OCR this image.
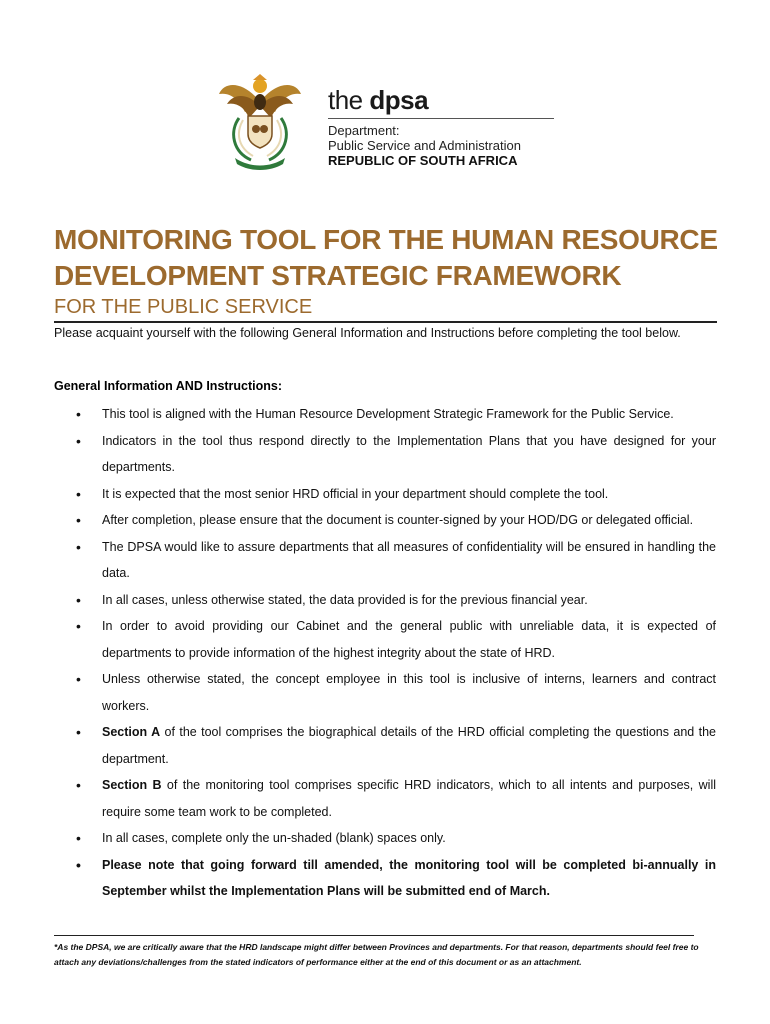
the dpsa
Department:
Public Service and Administration
REPUBLIC OF SOUTH AFRICA
MONITORING TOOL FOR THE HUMAN RESOURCE
DEVELOPMENT STRATEGIC FRAMEWORK
FOR THE PUBLIC SERVICE
Please acquaint yourself with the following General Information and Instructions before completing the tool below.
General Information AND Instructions:
• This tool is aligned with the Human Resource Development Strategic Framework for the Public Service.
• Indicators in the tool thus respond directly to the Implementation Plans that you have designed for your departments.
• It is expected that the most senior HRD official in your department should complete the tool.
• After completion, please ensure that the document is counter-signed by your HOD/DG or delegated official.
• The DPSA would like to assure departments that all measures of confidentiality will be ensured in handling the data.
• In all cases, unless otherwise stated, the data provided is for the previous financial year.
• In order to avoid providing our Cabinet and the general public with unreliable data, it is expected of departments to provide information of the highest integrity about the state of HRD.
• Unless otherwise stated, the concept employee in this tool is inclusive of interns, learners and contract workers.
• Section A of the tool comprises the biographical details of the HRD official completing the questions and the department.
• Section B of the monitoring tool comprises specific HRD indicators, which to all intents and purposes, will require some team work to be completed.
• In all cases, complete only the un-shaded (blank) spaces only.
• Please note that going forward till amended, the monitoring tool will be completed bi-annually in September whilst the Implementation Plans will be submitted end of March.
*As the DPSA, we are critically aware that the HRD landscape might differ between Provinces and departments. For that reason, departments should feel free to attach any deviations/challenges from the stated indicators of performance either at the end of this document or as an attachment.
